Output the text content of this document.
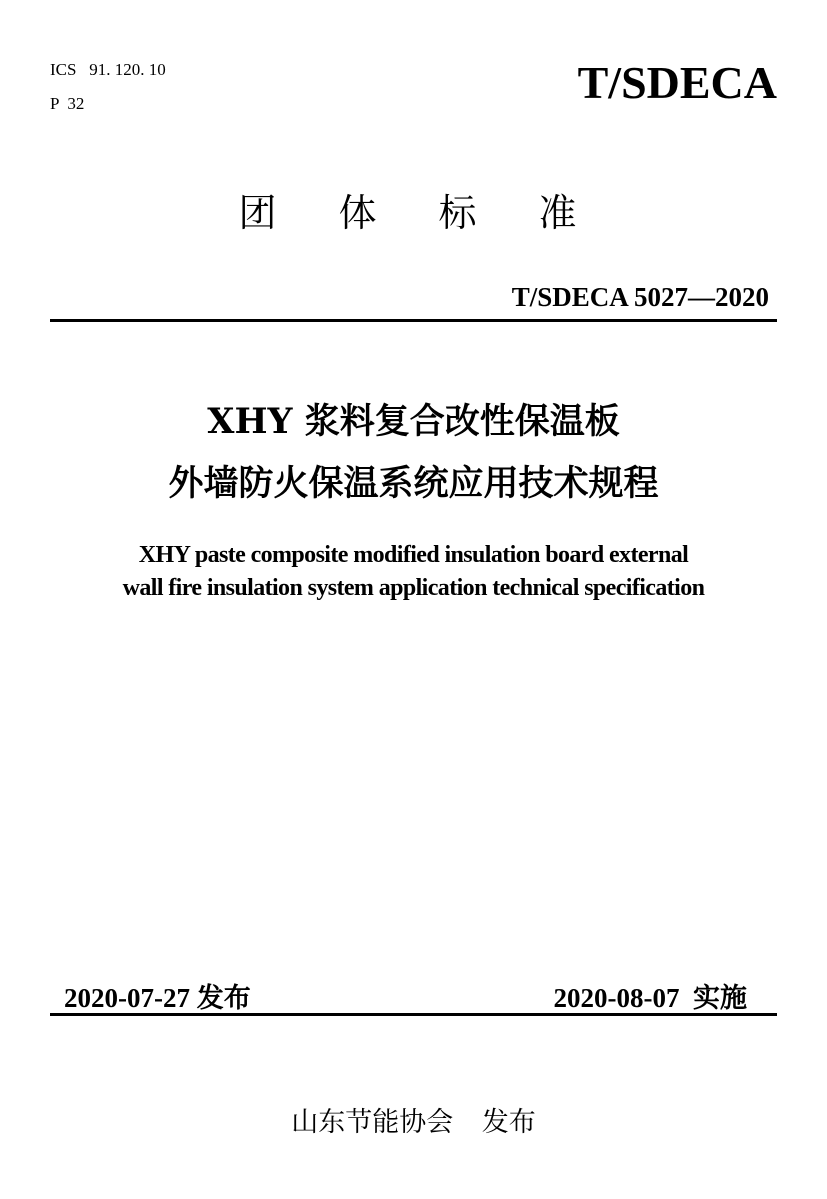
ICS   91. 120. 10
P  32	T/SDECA
团体标准
T/SDECA 5027—2020
XHY 浆料复合改性保温板
外墙防火保温系统应用技术规程
XHY paste composite modified insulation board external
wall fire insulation system application technical specification
2020-07-27 发布	2020-08-07  实施
山东节能协会 发布
